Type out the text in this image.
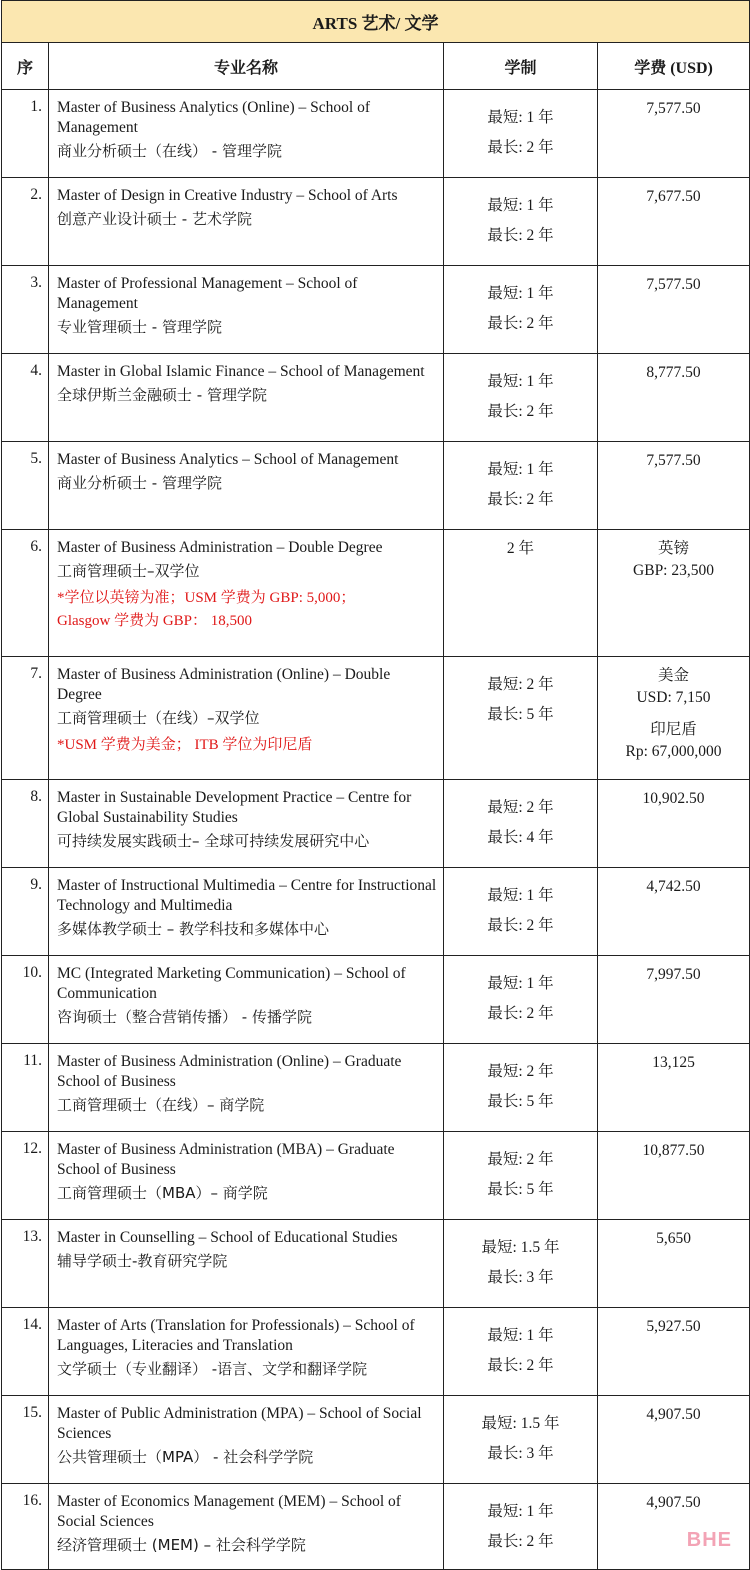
ARTS 艺术/ 文学			
序	专业名称	学制	学费 (USD)
1.	Master of Business Analytics (Online) – School of Management
商业分析硕士（在线） - 管理学院	最短: 1 年
最长: 2 年	7,577.50

2.	Master of Design in Creative Industry – School of Arts
创意产业设计硕士 - 艺术学院	最短: 1 年
最长: 2 年	7,677.50

3.	Master of Professional Management – School of Management
专业管理硕士 - 管理学院	最短: 1 年
最长: 2 年	7,577.50

4.	Master in Global Islamic Finance – School of Management
全球伊斯兰金融硕士 - 管理学院	最短: 1 年
最长: 2 年	8,777.50

5.	Master of Business Analytics – School of Management
商业分析硕士 - 管理学院	最短: 1 年
最长: 2 年	7,577.50

6.	Master of Business Administration – Double Degree
工商管理硕士–双学位
*学位以英镑为准；USM 学费为 GBP: 5,000；
Glasgow 学费为 GBP： 18,500	2 年	英镑
GBP: 23,500

7.	Master of Business Administration (Online) – Double Degree
工商管理硕士（在线）–双学位
*USM 学费为美金； ITB 学位为印尼盾	最短: 2 年
最长: 5 年	美金
USD: 7,150
印尼盾
Rp: 67,000,000

8.	Master in Sustainable Development Practice – Centre for Global Sustainability Studies
可持续发展实践硕士– 全球可持续发展研究中心	最短: 2 年
最长: 4 年	10,902.50

9.	Master of Instructional Multimedia – Centre for Instructional Technology and Multimedia
多媒体教学硕士 – 教学科技和多媒体中心	最短: 1 年
最长: 2 年	4,742.50

10.	MC (Integrated Marketing Communication) – School of Communication
咨询硕士（整合营销传播） - 传播学院	最短: 1 年
最长: 2 年	7,997.50

11.	Master of Business Administration (Online) – Graduate School of Business
工商管理硕士（在线）– 商学院	最短: 2 年
最长: 5 年	13,125

12.	Master of Business Administration (MBA) – Graduate School of Business
工商管理硕士（MBA）– 商学院	最短: 2 年
最长: 5 年	10,877.50

13.	Master in Counselling – School of Educational Studies
辅导学硕士-教育研究学院	最短: 1.5 年
最长: 3 年	5,650

14.	Master of Arts (Translation for Professionals) – School of Languages, Literacies and Translation
文学硕士（专业翻译） -语言、文学和翻译学院	最短: 1 年
最长: 2 年	5,927.50

15.	Master of Public Administration (MPA) – School of Social Sciences
公共管理硕士（MPA） - 社会科学学院	最短: 1.5 年
最长: 3 年	4,907.50

16.	Master of Economics Management (MEM) – School of Social Sciences
经济管理硕士 (MEM) – 社会科学学院	最短: 1 年
最长: 2 年	4,907.50
BHE
